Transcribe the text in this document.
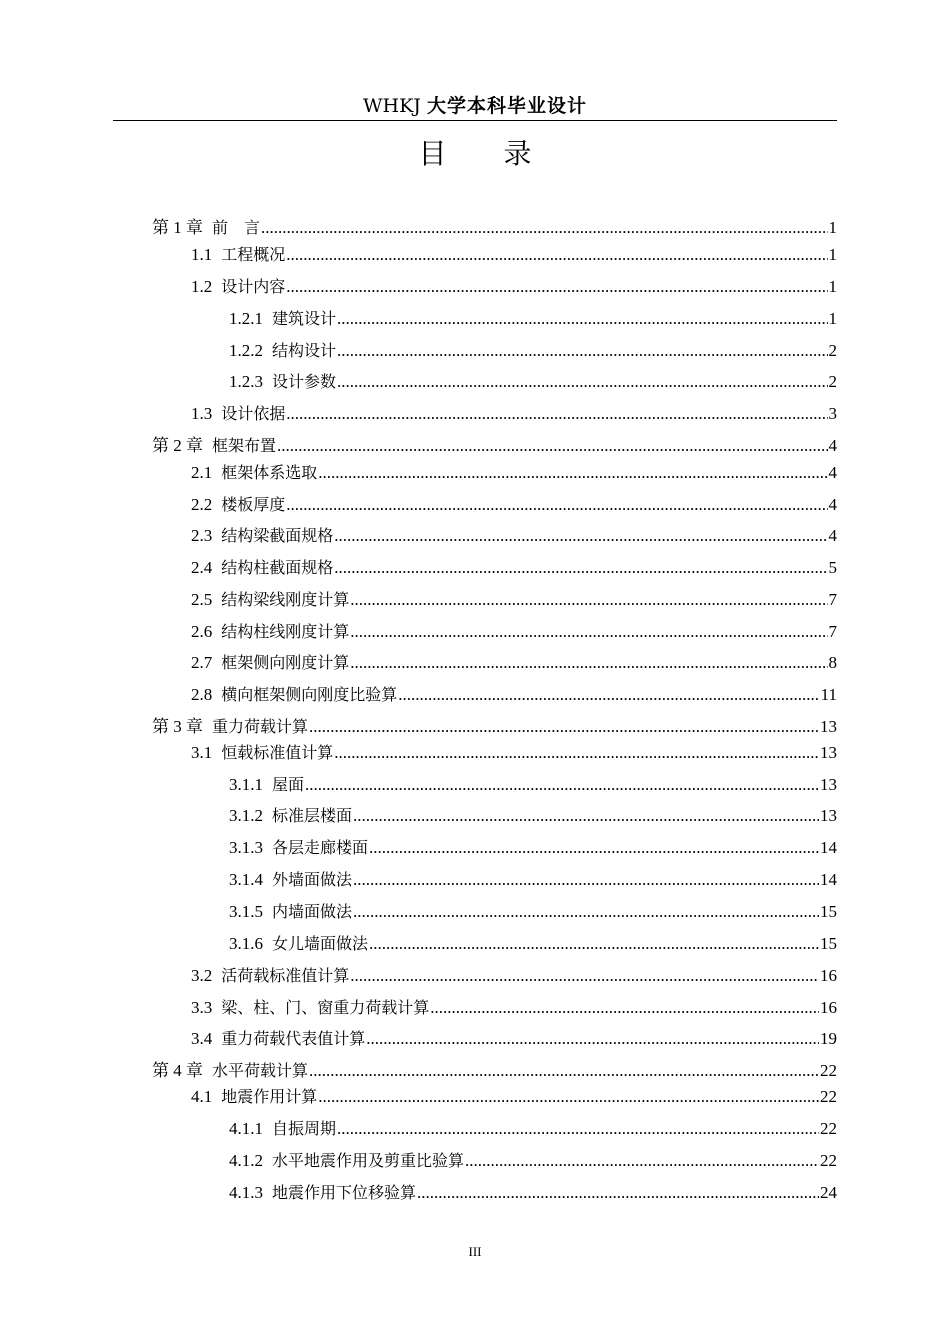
WHKJ 大学本科毕业设计
目 录
第 1 章 前　言 .....	1
1.1 工程概况 .....	1
1.2 设计内容 .....	1
1.2.1 建筑设计 .....	1
1.2.2 结构设计 .....	2
1.2.3 设计参数 .....	2
1.3 设计依据 .....	3
第 2 章 框架布置 .....	4
2.1 框架体系选取 .....	4
2.2 楼板厚度 .....	4
2.3 结构梁截面规格 .....	4
2.4 结构柱截面规格 .....	5
2.5 结构梁线刚度计算 .....	7
2.6 结构柱线刚度计算 .....	7
2.7 框架侧向刚度计算 .....	8
2.8 横向框架侧向刚度比验算 .....	11
第 3 章 重力荷载计算 .....	13
3.1 恒载标准值计算 .....	13
3.1.1 屋面 .....	13
3.1.2 标准层楼面 .....	13
3.1.3 各层走廊楼面 .....	14
3.1.4 外墙面做法 .....	14
3.1.5 内墙面做法 .....	15
3.1.6 女儿墙面做法 .....	15
3.2 活荷载标准值计算 .....	16
3.3 梁、柱、门、窗重力荷载计算 .....	16
3.4 重力荷载代表值计算 .....	19
第 4 章 水平荷载计算 .....	22
4.1 地震作用计算 .....	22
4.1.1 自振周期 .....	22
4.1.2 水平地震作用及剪重比验算 .....	22
4.1.3 地震作用下位移验算 .....	24
III
